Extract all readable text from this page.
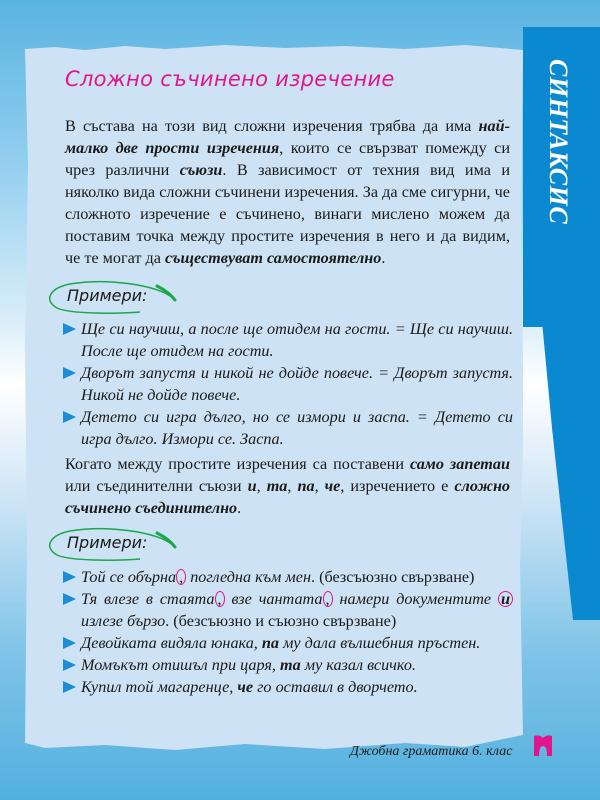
СИНТАКСИС
Сложно съчинено изречение
В състава на този вид сложни изречения трябва да има най-малко две прости изречения, които се свързват помежду си чрез различни съюзи. В зависимост от техния вид има и няколко вида сложни съчинени изречения. За да сме сигурни, че сложното изречение е съчинено, винаги мислено можем да поставим точка между простите изречения в него и да видим, че те могат да съществуват самостоятелно.
Примери:
Ще си научиш, а после ще отидем на гости. = Ще си научиш. После ще отидем на гости.
Дворът запустя и никой не дойде повече. = Дворът запустя. Никой не дойде повече.
Детето си игра дълго, но се измори и заспа. = Детето си игра дълго. Измори се. Заспа.
Когато между простите изречения са поставени само запетаи или съединителни съюзи и, та, па, че, изречението е сложно съчинено съединително.
Примери:
Той се обърна , погледна към мен. (безсъюзно свързване)
Тя влезе в стаята , взе чантата , намери документите и излезе бързо. (безсъюзно и съюзно свързване)
Девойката видяла юнака, па му дала вълшебния пръстен.
Момъкът отишъл при царя, та му казал всичко.
Купил той магаренце, че го оставил в дворчето.
Джобна граматика 6. клас
